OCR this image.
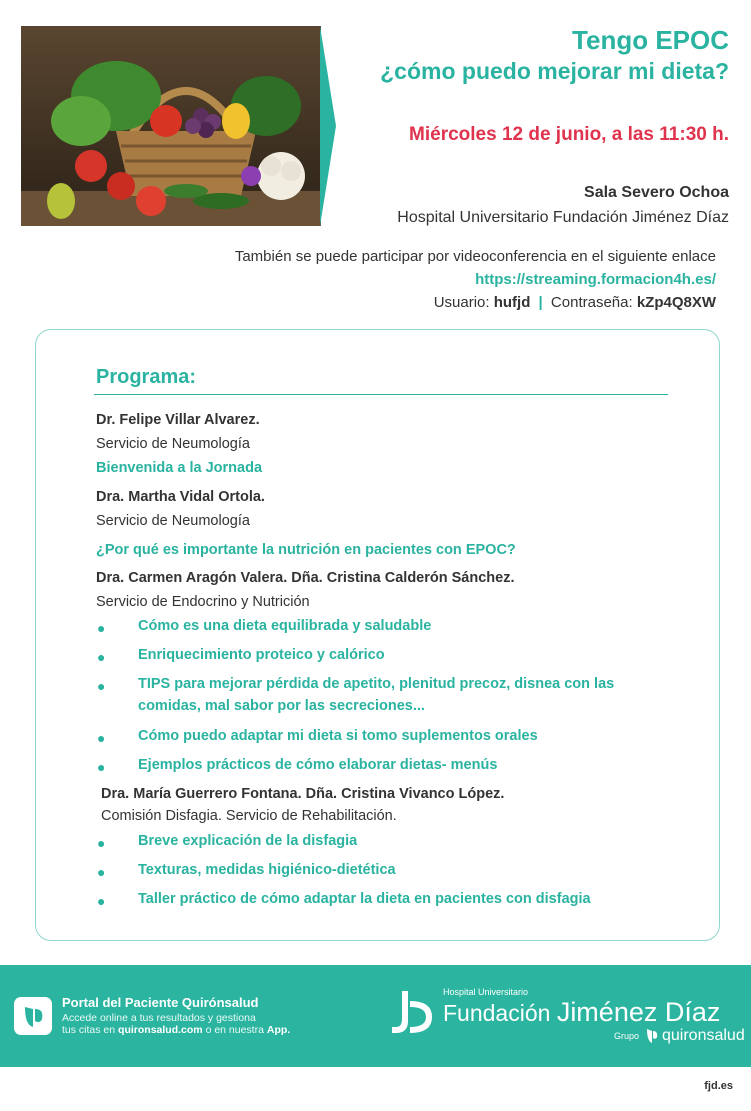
Tengo EPOC
¿cómo puedo mejorar mi dieta?
Miércoles 12 de junio, a las 11:30 h.
Sala Severo Ochoa
Hospital Universitario Fundación Jiménez Díaz
También se puede participar por videoconferencia en el siguiente enlace
https://streaming.formacion4h.es/
Usuario: hufjd | Contraseña: kZp4Q8XW
Programa:
Dr. Felipe Villar Alvarez.
Servicio de Neumología
Bienvenida a la Jornada
Dra. Martha Vidal Ortola.
Servicio de Neumología
¿Por qué es importante la nutrición en pacientes con EPOC?
Dra. Carmen Aragón Valera. Dña. Cristina Calderón Sánchez.
Servicio de Endocrino y Nutrición
● Cómo es una dieta equilibrada y saludable
● Enriquecimiento proteico y calórico
● TIPS para mejorar pérdida de apetito, plenitud precoz, disnea con las comidas, mal sabor por las secreciones...
● Cómo puedo adaptar mi dieta si tomo suplementos orales
● Ejemplos prácticos de cómo elaborar dietas- menús
Dra. María Guerrero Fontana. Dña. Cristina Vivanco López.
Comisión Disfagia. Servicio de Rehabilitación.
● Breve explicación de la disfagia
● Texturas, medidas higiénico-dietética
● Taller práctico de cómo adaptar la dieta en pacientes con disfagia
Portal del Paciente Quirónsalud
Accede online a tus resultados y gestiona
tus citas en quironsalud.com o en nuestra App.
Hospital Universitario
Fundación Jiménez Díaz
Grupo quironsalud
fjd.es
